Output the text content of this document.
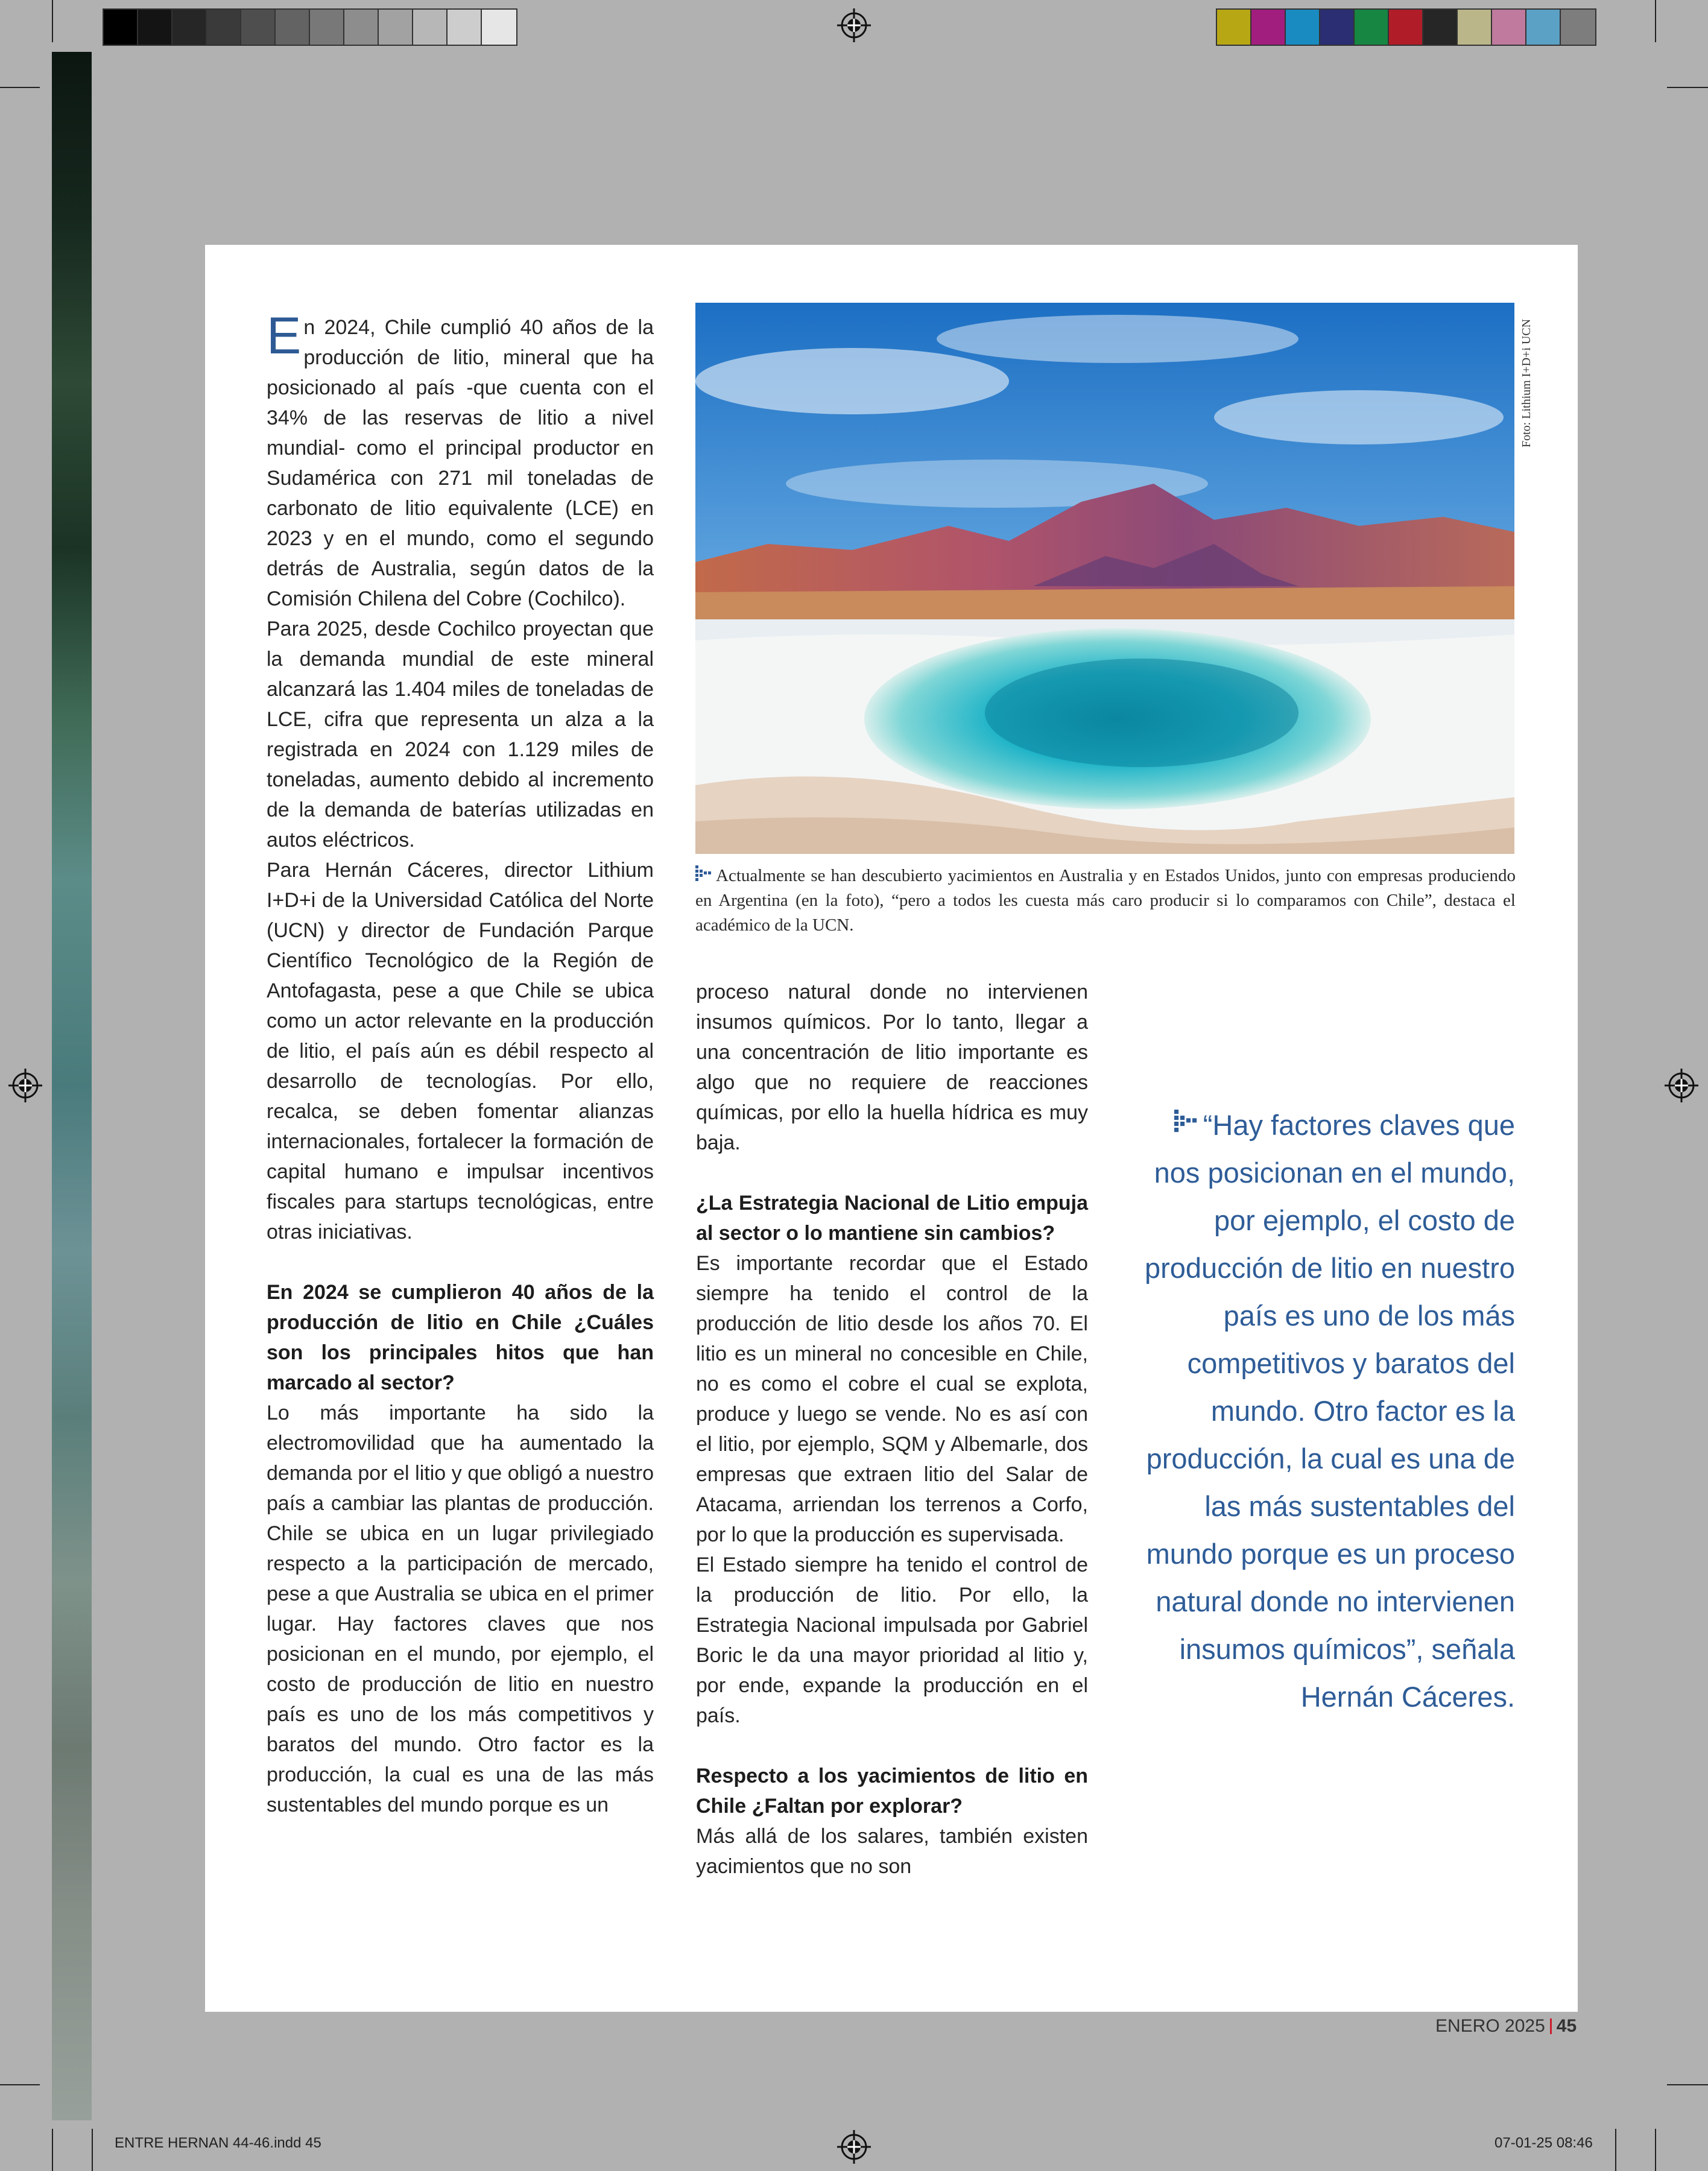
En 2024, Chile cumplió 40 años de la producción de litio, mineral que ha posicionado al país -que cuenta con el 34% de las reservas de litio a nivel mundial- como el principal productor en Sudamérica con 271 mil toneladas de carbonato de litio equivalente (LCE) en 2023 y en el mundo, como el segundo detrás de Australia, según datos de la Comisión Chilena del Cobre (Cochilco).

Para 2025, desde Cochilco proyectan que la demanda mundial de este mineral alcanzará las 1.404 miles de toneladas de LCE, cifra que representa un alza a la registrada en 2024 con 1.129 miles de toneladas, aumento debido al incremento de la demanda de baterías utilizadas en autos eléctricos.

Para Hernán Cáceres, director Lithium I+D+i de la Universidad Católica del Norte (UCN) y director de Fundación Parque Científico Tecnológico de la Región de Antofagasta, pese a que Chile se ubica como un actor relevante en la producción de litio, el país aún es débil respecto al desarrollo de tecnologías. Por ello, recalca, se deben fomentar alianzas internacionales, fortalecer la formación de capital humano e impulsar incentivos fiscales para startups tecnológicas, entre otras iniciativas.

En 2024 se cumplieron 40 años de la producción de litio en Chile ¿Cuáles son los principales hitos que han marcado al sector?

Lo más importante ha sido la electromovilidad que ha aumentado la demanda por el litio y que obligó a nuestro país a cambiar las plantas de producción. Chile se ubica en un lugar privilegiado respecto a la participación de mercado, pese a que Australia se ubica en el primer lugar. Hay factores claves que nos posicionan en el mundo, por ejemplo, el costo de producción de litio en nuestro país es uno de los más competitivos y baratos del mundo. Otro factor es la producción, la cual es una de las más sustentables del mundo porque es un

Foto: Lithium I+D+i UCN
Actualmente se han descubierto yacimientos en Australia y en Estados Unidos, junto con empresas produciendo en Argentina (en la foto), “pero a todos les cuesta más caro producir si lo comparamos con Chile”, destaca el académico de la UCN.

proceso natural donde no intervienen insumos químicos. Por lo tanto, llegar a una concentración de litio importante es algo que no requiere de reacciones químicas, por ello la huella hídrica es muy baja.

¿La Estrategia Nacional de Litio empuja al sector o lo mantiene sin cambios?

Es importante recordar que el Estado siempre ha tenido el control de la producción de litio desde los años 70. El litio es un mineral no concesible en Chile, no es como el cobre el cual se explota, produce y luego se vende. No es así con el litio, por ejemplo, SQM y Albemarle, dos empresas que extraen litio del Salar de Atacama, arriendan los terrenos a Corfo, por lo que la producción es supervisada.

El Estado siempre ha tenido el control de la producción de litio. Por ello, la Estrategia Nacional impulsada por Gabriel Boric le da una mayor prioridad al litio y, por ende, expande la producción en el país.

Respecto a los yacimientos de litio en Chile ¿Faltan por explorar?

Más allá de los salares, también existen yacimientos que no son

“Hay factores claves que nos posicionan en el mundo, por ejemplo, el costo de producción de litio en nuestro país es uno de los más competitivos y baratos del mundo. Otro factor es la producción, la cual es una de las más sustentables del mundo porque es un proceso natural donde no intervienen insumos químicos”, señala Hernán Cáceres.
ENERO 2025 45
ENTRE HERNAN 44-46.indd 45	07-01-25 08:46
